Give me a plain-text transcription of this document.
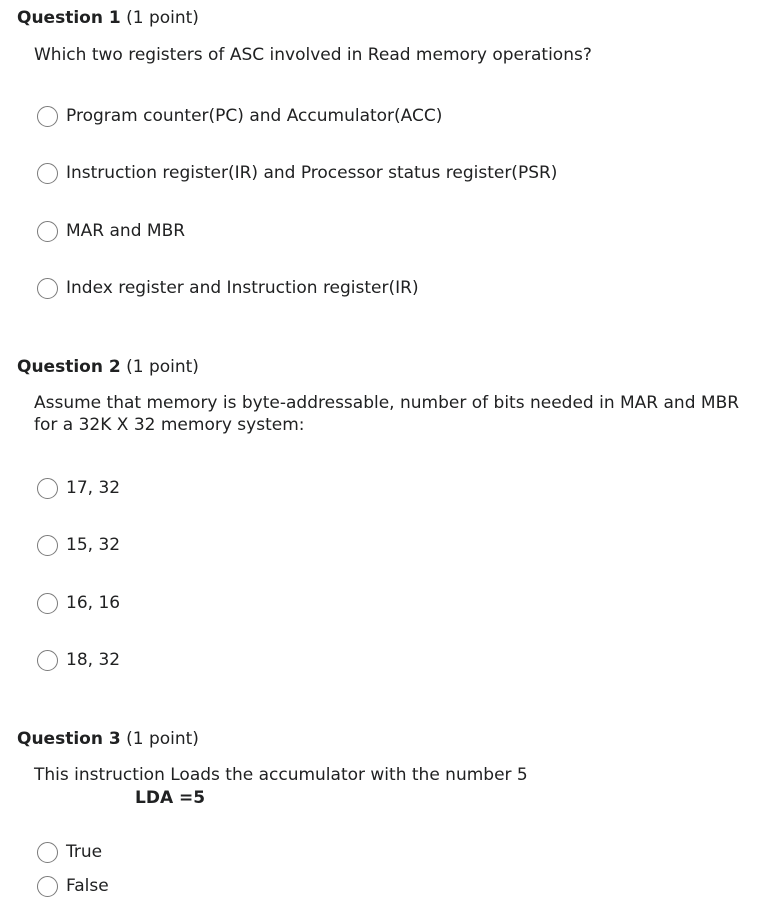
Question 1 (1 point)

Which two registers of ASC involved in Read memory operations?

Program counter(PC) and Accumulator(ACC)
Instruction register(IR) and Processor status register(PSR)
MAR and MBR
Index register and Instruction register(IR)
Question 2 (1 point)

Assume that memory is byte-addressable, number of bits needed in MAR and MBR for a 32K X 32 memory system:

17, 32
15, 32
16, 16
18, 32
Question 3 (1 point)

This instruction Loads the accumulator with the number 5

LDA =5
True
False
